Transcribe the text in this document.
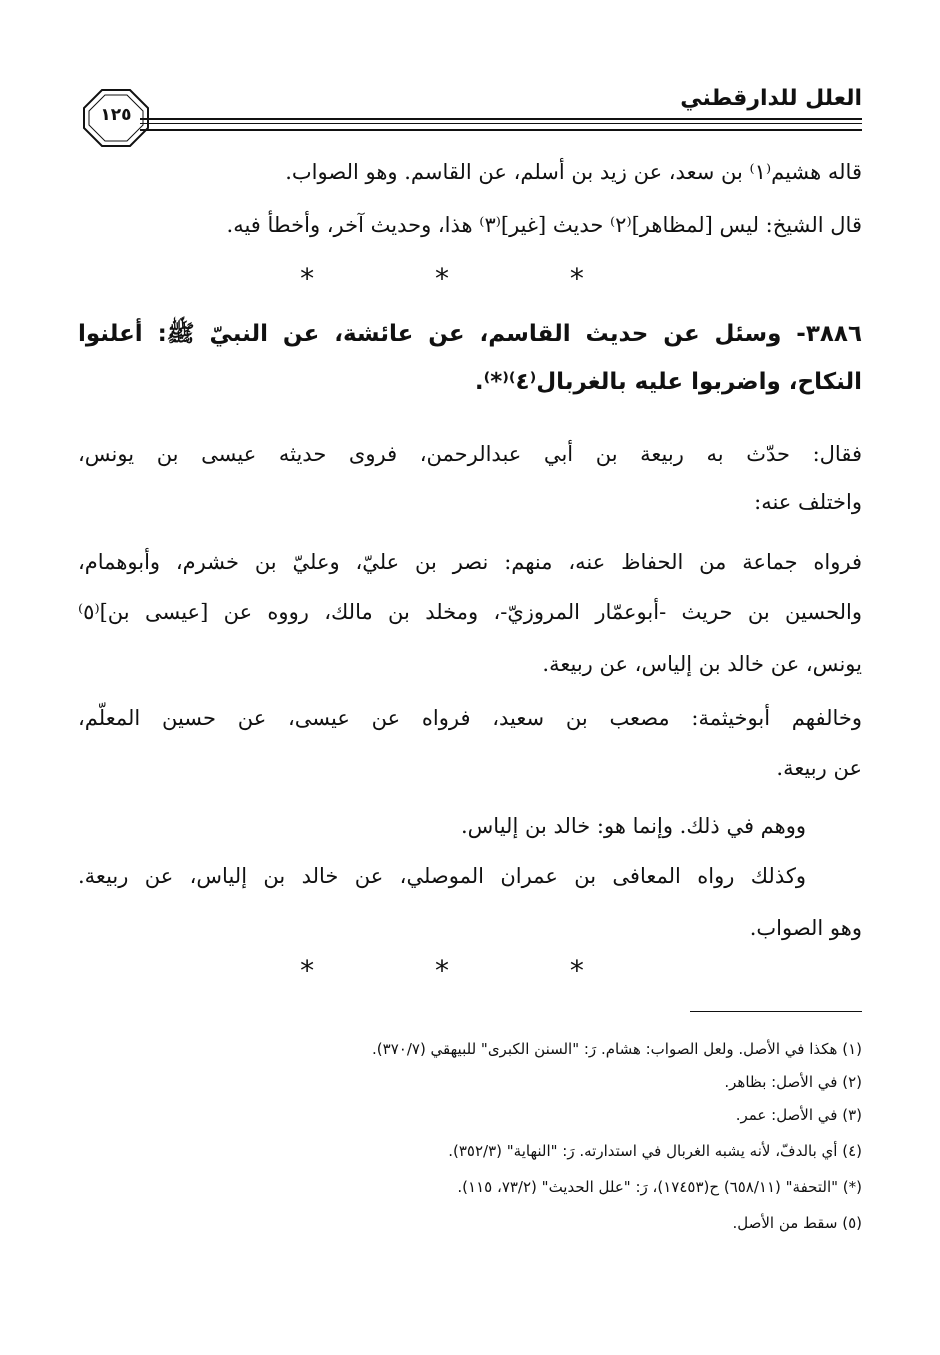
العلل للدارقطني
١٢٥
قاله هشيم⁽١⁾ بن سعد، عن زيد بن أسلم، عن القاسم. وهو الصواب.
قال الشيخ: ليس [لمظاهر]⁽٢⁾ حديث [غير]⁽٣⁾ هذا، وحديث آخر، وأخطأ فيه.
٣٨٨٦- وسئل عن حديث القاسم، عن عائشة، عن النبيّ ﷺ: أعلنوا
النكاح، واضربوا عليه بالغربال⁽٤⁾⁽*⁾.
فقال: حدّث به ربيعة بن أبي عبدالرحمن، فروى حديثه عيسى بن يونس،
واختلف عنه:
فرواه جماعة من الحفاظ عنه، منهم: نصر بن عليّ، وعليّ بن خشرم، وأبوهمام،
والحسين بن حريث -أبوعمّار المروزيّ-، ومخلد بن مالك، رووه عن [عيسى بن]⁽٥⁾
يونس، عن خالد بن إلياس، عن ربيعة.
وخالفهم أبوخيثمة: مصعب بن سعيد، فرواه عن عيسى، عن حسين المعلّم،
عن ربيعة.
ووهم في ذلك. وإنما هو: خالد بن إلياس.
وكذلك رواه المعافى بن عمران الموصلي، عن خالد بن إلياس، عن ربيعة.
وهو الصواب.
* * *
* * *
(١) هكذا في الأصل. ولعل الصواب: هشام. رَ: "السنن الكبرى" للبيهقي (٣٧٠/٧).
(٢) في الأصل: بظاهر.
(٣) في الأصل: عمر.
(٤) أي بالدفّ، لأنه يشبه الغربال في استدارته. رَ: "النهاية" (٣٥٢/٣).
(*) "التحفة" (٦٥٨/١١) ح(١٧٤٥٣)، رَ: "علل الحديث" (٧٣/٢، ١١٥).
(٥) سقط من الأصل.
